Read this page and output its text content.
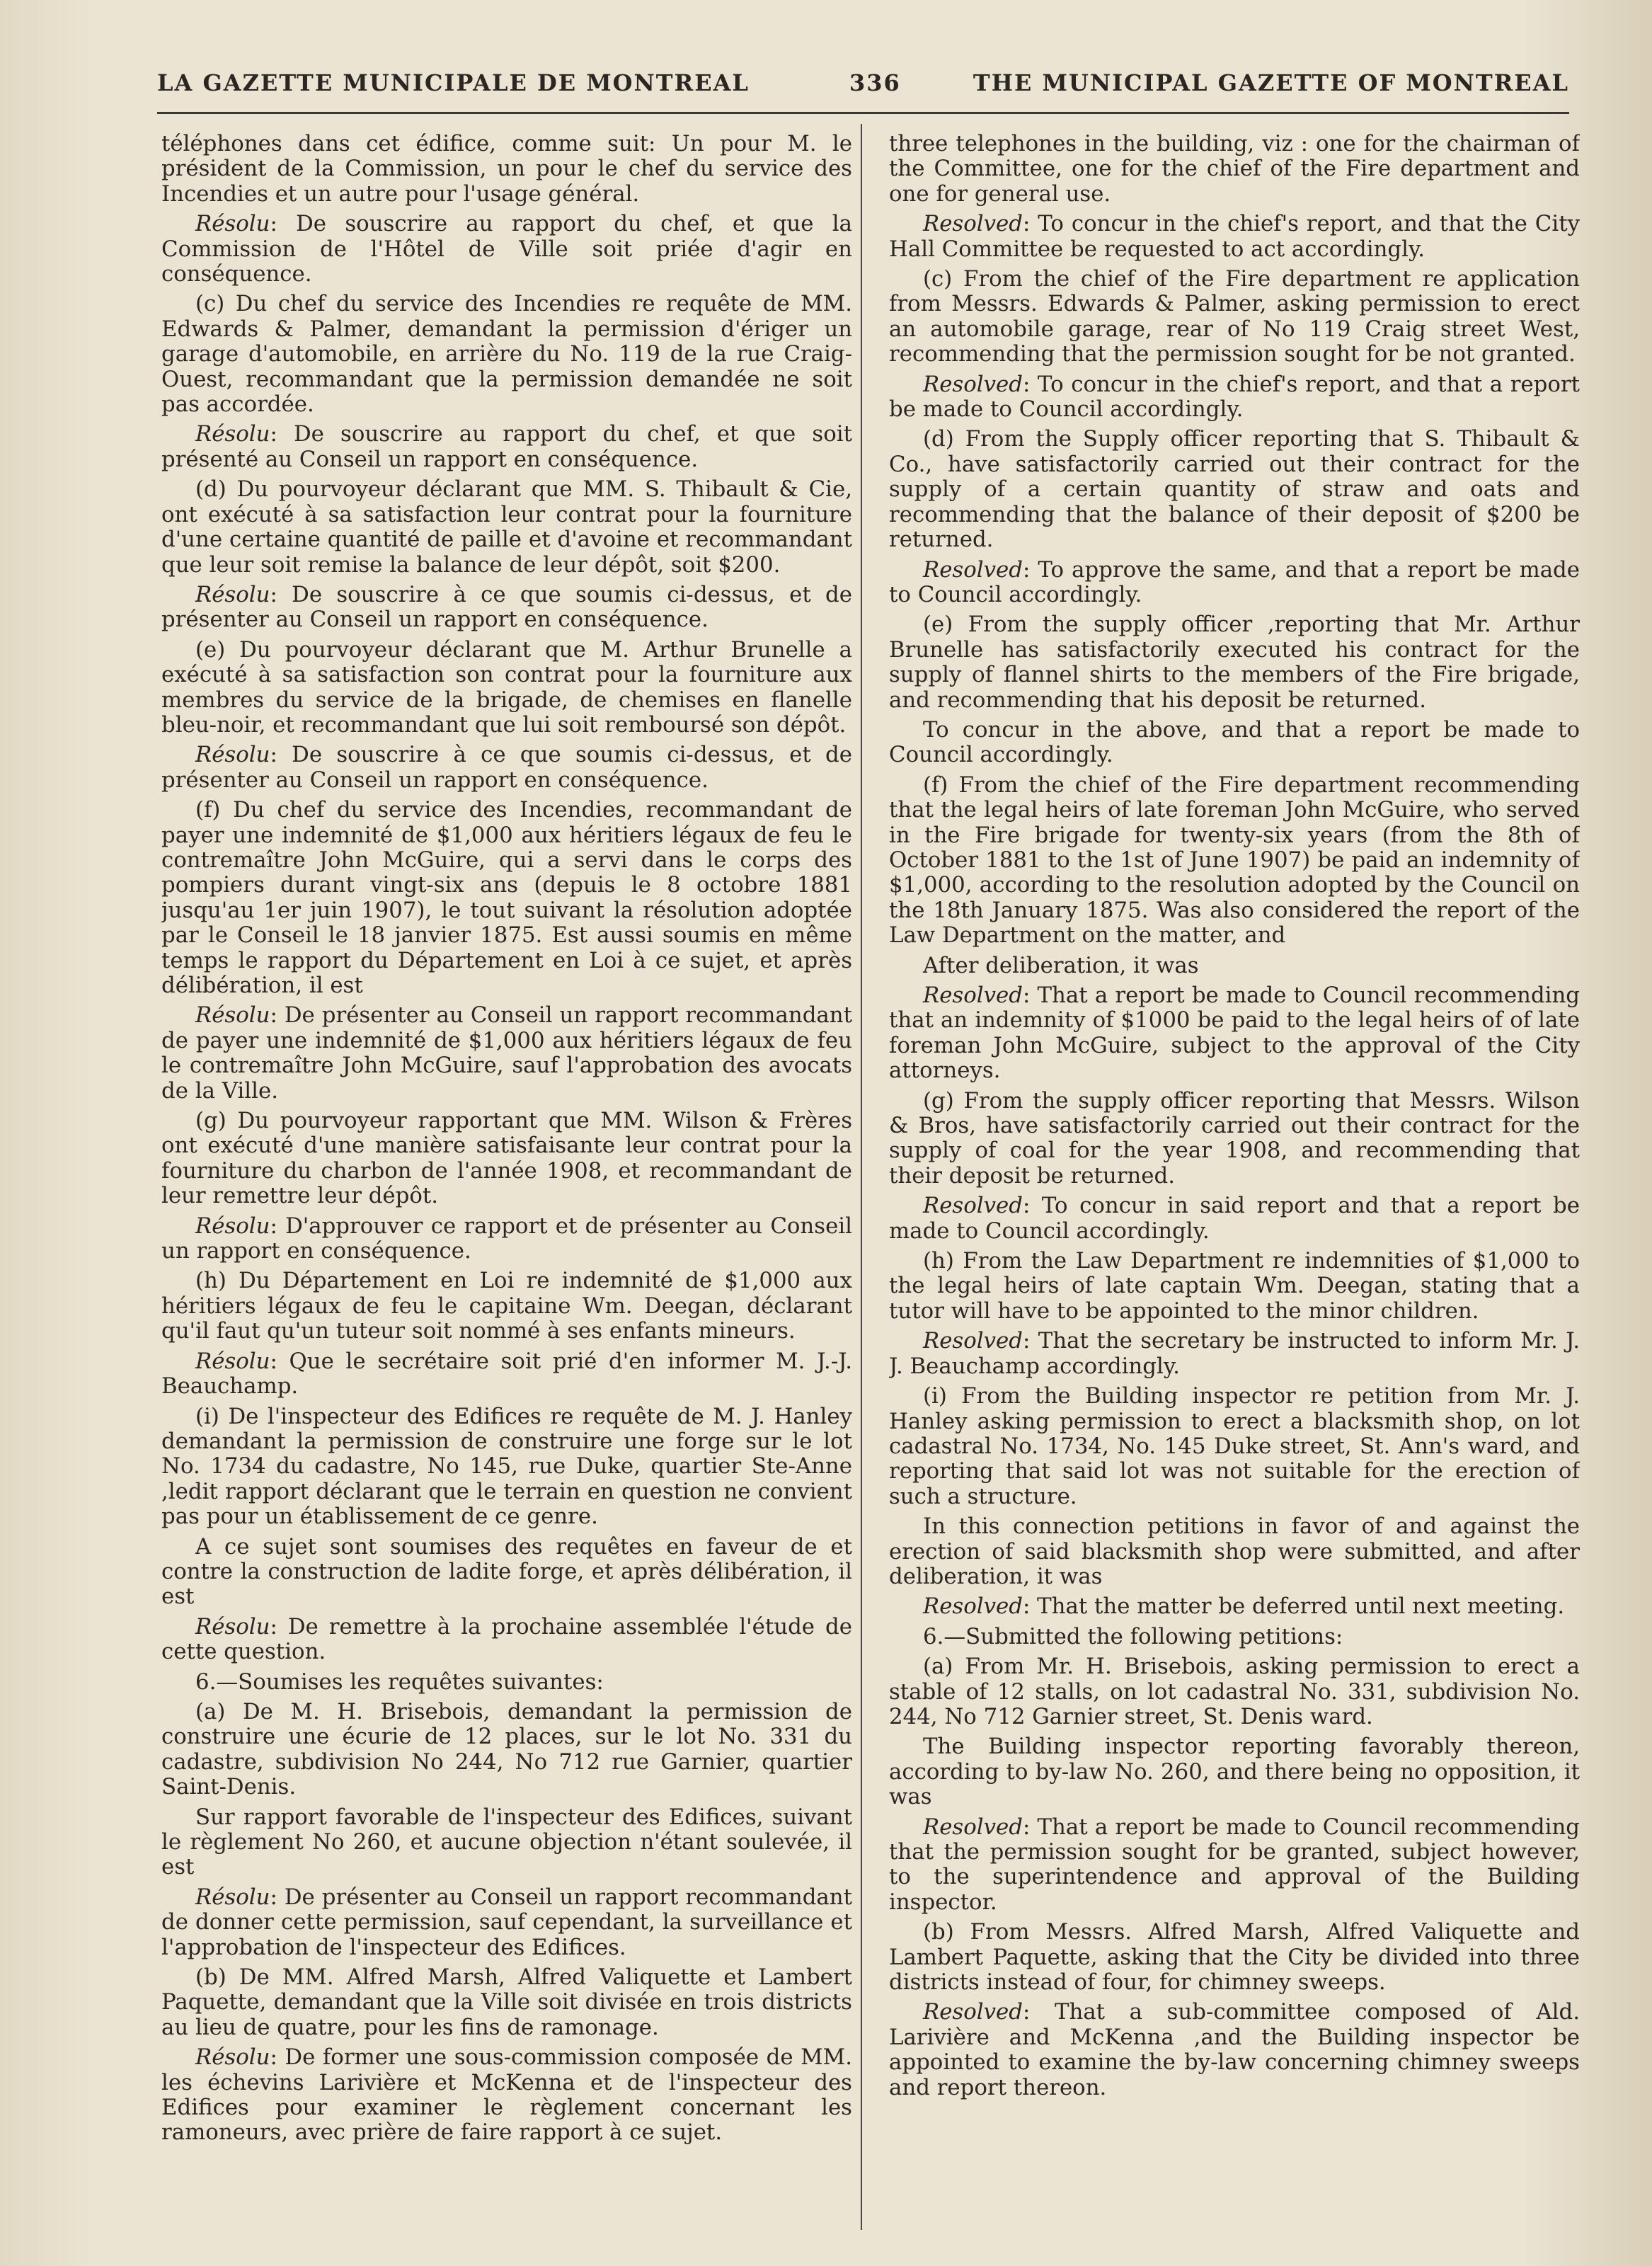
LA GAZETTE MUNICIPALE DE MONTREAL	336	THE MUNICIPAL GAZETTE OF MONTREAL

téléphones dans cet édifice, comme suit: Un pour M. le président de la Commission, un pour le chef du service des Incendies et un autre pour l'usage général.

Résolu: De souscrire au rapport du chef, et que la Commission de l'Hôtel de Ville soit priée d'agir en conséquence.

(c) Du chef du service des Incendies re requête de MM. Edwards & Palmer, demandant la permission d'ériger un garage d'automobile, en arrière du No. 119 de la rue Craig-Ouest, recommandant que la permission demandée ne soit pas accordée.

Résolu: De souscrire au rapport du chef, et que soit présenté au Conseil un rapport en conséquence.

(d) Du pourvoyeur déclarant que MM. S. Thibault & Cie, ont exécuté à sa satisfaction leur contrat pour la fourniture d'une certaine quantité de paille et d'avoine et recommandant que leur soit remise la balance de leur dépôt, soit $200.

Résolu: De souscrire à ce que soumis ci-dessus, et de présenter au Conseil un rapport en conséquence.

(e) Du pourvoyeur déclarant que M. Arthur Brunelle a exécuté à sa satisfaction son contrat pour la fourniture aux membres du service de la brigade, de chemises en flanelle bleu-noir, et recommandant que lui soit remboursé son dépôt.

Résolu: De souscrire à ce que soumis ci-dessus, et de présenter au Conseil un rapport en conséquence.

(f) Du chef du service des Incendies, recommandant de payer une indemnité de $1,000 aux héritiers légaux de feu le contremaître John McGuire, qui a servi dans le corps des pompiers durant vingt-six ans (depuis le 8 octobre 1881 jusqu'au 1er juin 1907), le tout suivant la résolution adoptée par le Conseil le 18 janvier 1875. Est aussi soumis en même temps le rapport du Département en Loi à ce sujet, et après délibération, il est

Résolu: De présenter au Conseil un rapport recommandant de payer une indemnité de $1,000 aux héritiers légaux de feu le contremaître John McGuire, sauf l'approbation des avocats de la Ville.

(g) Du pourvoyeur rapportant que MM. Wilson & Frères ont exécuté d'une manière satisfaisante leur contrat pour la fourniture du charbon de l'année 1908, et recommandant de leur remettre leur dépôt.

Résolu: D'approuver ce rapport et de présenter au Conseil un rapport en conséquence.

(h) Du Département en Loi re indemnité de $1,000 aux héritiers légaux de feu le capitaine Wm. Deegan, déclarant qu'il faut qu'un tuteur soit nommé à ses enfants mineurs.

Résolu: Que le secrétaire soit prié d'en informer M. J.-J. Beauchamp.

(i) De l'inspecteur des Edifices re requête de M. J. Hanley demandant la permission de construire une forge sur le lot No. 1734 du cadastre, No 145, rue Duke, quartier Ste-Anne ,ledit rapport déclarant que le terrain en question ne convient pas pour un établissement de ce genre.

A ce sujet sont soumises des requêtes en faveur de et contre la construction de ladite forge, et après délibération, il est

Résolu: De remettre à la prochaine assemblée l'étude de cette question.

6.—Soumises les requêtes suivantes:

(a) De M. H. Brisebois, demandant la permission de construire une écurie de 12 places, sur le lot No. 331 du cadastre, subdivision No 244, No 712 rue Garnier, quartier Saint-Denis.

Sur rapport favorable de l'inspecteur des Edifices, suivant le règlement No 260, et aucune objection n'étant soulevée, il est

Résolu: De présenter au Conseil un rapport recommandant de donner cette permission, sauf cependant, la surveillance et l'approbation de l'inspecteur des Edifices.

(b) De MM. Alfred Marsh, Alfred Valiquette et Lambert Paquette, demandant que la Ville soit divisée en trois districts au lieu de quatre, pour les fins de ramonage.

Résolu: De former une sous-commission composée de MM. les échevins Larivière et McKenna et de l'inspecteur des Edifices pour examiner le règlement concernant les ramoneurs, avec prière de faire rapport à ce sujet.

three telephones in the building, viz : one for the chairman of the Committee, one for the chief of the Fire department and one for general use.

Resolved: To concur in the chief's report, and that the City Hall Committee be requested to act accordingly.

(c) From the chief of the Fire department re application from Messrs. Edwards & Palmer, asking permission to erect an automobile garage, rear of No 119 Craig street West, recommending that the permission sought for be not granted.

Resolved: To concur in the chief's report, and that a report be made to Council accordingly.

(d) From the Supply officer reporting that S. Thibault & Co., have satisfactorily carried out their contract for the supply of a certain quantity of straw and oats and recommending that the balance of their deposit of $200 be returned.

Resolved: To approve the same, and that a report be made to Council accordingly.

(e) From the supply officer ,reporting that Mr. Arthur Brunelle has satisfactorily executed his contract for the supply of flannel shirts to the members of the Fire brigade, and recommending that his deposit be returned.

To concur in the above, and that a report be made to Council accordingly.

(f) From the chief of the Fire department recommending that the legal heirs of late foreman John McGuire, who served in the Fire brigade for twenty-six years (from the 8th of October 1881 to the 1st of June 1907) be paid an indemnity of $1,000, according to the resolution adopted by the Council on the 18th January 1875. Was also considered the report of the Law Department on the matter, and

After deliberation, it was

Resolved: That a report be made to Council recommending that an indemnity of $1000 be paid to the legal heirs of of late foreman John McGuire, subject to the approval of the City attorneys.

(g) From the supply officer reporting that Messrs. Wilson & Bros, have satisfactorily carried out their contract for the supply of coal for the year 1908, and recommending that their deposit be returned.

Resolved: To concur in said report and that a report be made to Council accordingly.

(h) From the Law Department re indemnities of $1,000 to the legal heirs of late captain Wm. Deegan, stating that a tutor will have to be appointed to the minor children.

Resolved: That the secretary be instructed to inform Mr. J. J. Beauchamp accordingly.

(i) From the Building inspector re petition from Mr. J. Hanley asking permission to erect a blacksmith shop, on lot cadastral No. 1734, No. 145 Duke street, St. Ann's ward, and reporting that said lot was not suitable for the erection of such a structure.

In this connection petitions in favor of and against the erection of said blacksmith shop were submitted, and after deliberation, it was

Resolved: That the matter be deferred until next meeting.

6.—Submitted the following petitions:

(a) From Mr. H. Brisebois, asking permission to erect a stable of 12 stalls, on lot cadastral No. 331, subdivision No. 244, No 712 Garnier street, St. Denis ward.

The Building inspector reporting favorably thereon, according to by-law No. 260, and there being no opposition, it was

Resolved: That a report be made to Council recommending that the permission sought for be granted, subject however, to the superintendence and approval of the Building inspector.

(b) From Messrs. Alfred Marsh, Alfred Valiquette and Lambert Paquette, asking that the City be divided into three districts instead of four, for chimney sweeps.

Resolved: That a sub-committee composed of Ald. Larivière and McKenna ,and the Building inspector be appointed to examine the by-law concerning chimney sweeps and report thereon.
